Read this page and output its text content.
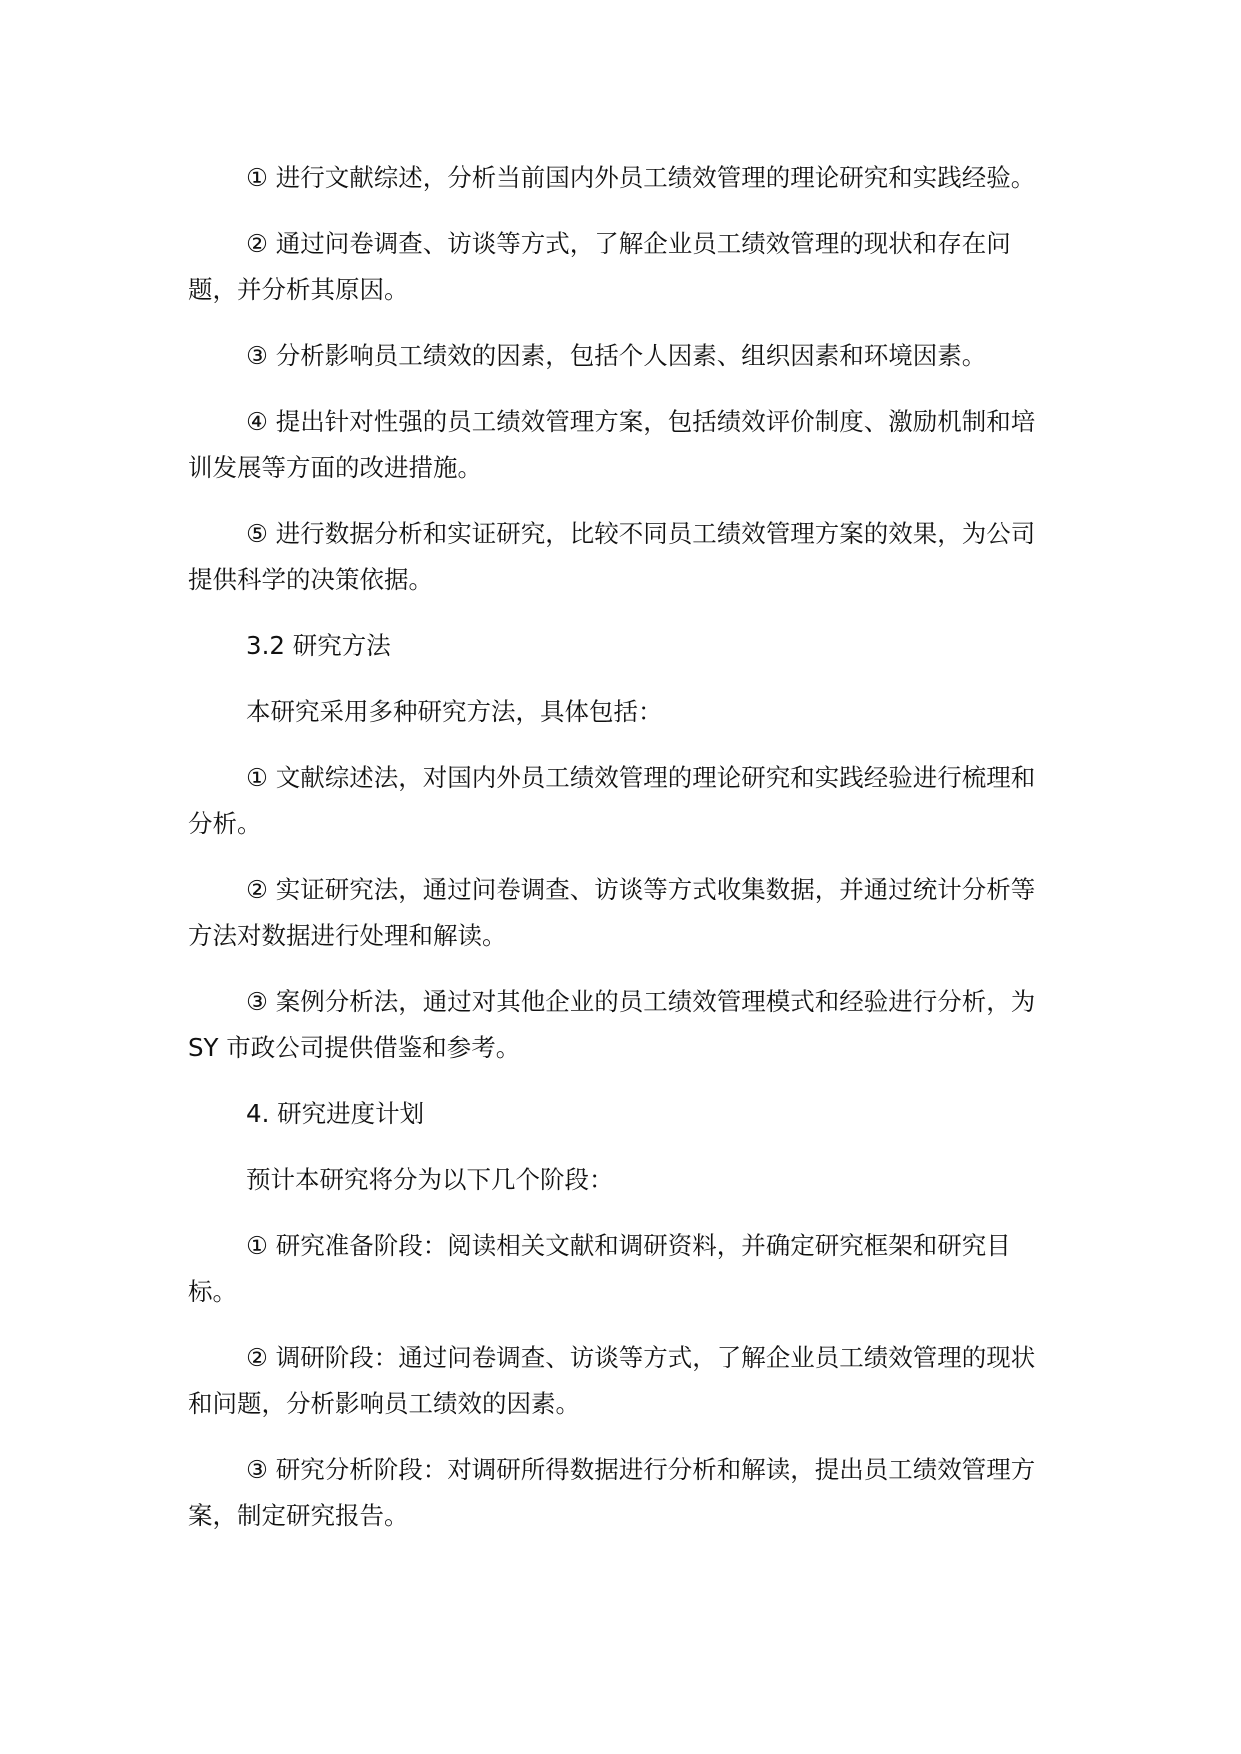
① 进行文献综述，分析当前国内外员工绩效管理的理论研究和实践经验。

② 通过问卷调查、访谈等方式，了解企业员工绩效管理的现状和存在问题，并分析其原因。

③ 分析影响员工绩效的因素，包括个人因素、组织因素和环境因素。

④ 提出针对性强的员工绩效管理方案，包括绩效评价制度、激励机制和培训发展等方面的改进措施。

⑤ 进行数据分析和实证研究，比较不同员工绩效管理方案的效果，为公司提供科学的决策依据。

3.2 研究方法

本研究采用多种研究方法，具体包括：

① 文献综述法，对国内外员工绩效管理的理论研究和实践经验进行梳理和分析。

② 实证研究法，通过问卷调查、访谈等方式收集数据，并通过统计分析等方法对数据进行处理和解读。

③ 案例分析法，通过对其他企业的员工绩效管理模式和经验进行分析，为 SY 市政公司提供借鉴和参考。

4. 研究进度计划

预计本研究将分为以下几个阶段：

① 研究准备阶段：阅读相关文献和调研资料，并确定研究框架和研究目标。

② 调研阶段：通过问卷调查、访谈等方式，了解企业员工绩效管理的现状和问题，分析影响员工绩效的因素。

③ 研究分析阶段：对调研所得数据进行分析和解读，提出员工绩效管理方案，制定研究报告。
